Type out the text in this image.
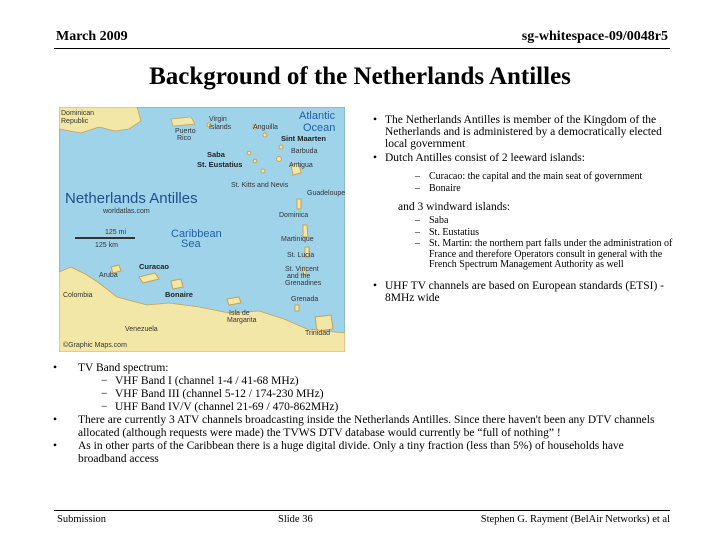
March 2009	sg-whitespace-09/0048r5
Background of the Netherlands Antilles
Dominican
Republic
Puerto
Rico
Virgin
Islands	Anguilla
Atlantic
Ocean
Sint Maarten
Barbuda
Antigua
Saba
St. Eustatius
St. Kitts and Nevis
Guadeloupe
Netherlands Antilles
worldatlas.com
Dominica
125 mi
125 km
Caribbean
Sea	Martinique
St. Lucia
St. Vincent
and the
Grenadines
Aruba
Curacao
Bonaire
Colombia
Grenada
Isla de
Margarita
Venezuela
Trinidad
©Graphic Maps.com
• The Netherlands Antilles is member of the Kingdom of the Netherlands and is administered by a democratically elected local government
• Dutch Antilles consist of 2 leeward islands:
– Curacao: the capital and the main seat of government
– Bonaire
and 3 windward islands:
– Saba
– St. Eustatius
– St. Martin: the northern part falls under the administration of France and therefore Operators consult in general with the French Spectrum Management Authority as well
• UHF TV channels are based on European standards (ETSI) - 8MHz wide
• TV Band spectrum:
− VHF Band I (channel 1-4 / 41-68 MHz)
− VHF Band III (channel 5-12 / 174-230 MHz)
− UHF Band IV/V (channel 21-69 / 470-862MHz)
• There are currently 3 ATV channels broadcasting inside the Netherlands Antilles. Since there haven't been any DTV channels allocated (although requests were made) the TVWS DTV database would currently be “full of nothing” !
• As in other parts of the Caribbean there is a huge digital divide. Only a tiny fraction (less than 5%) of households have broadband access
Submission	Slide 36	Stephen G. Rayment (BelAir Networks) et al
